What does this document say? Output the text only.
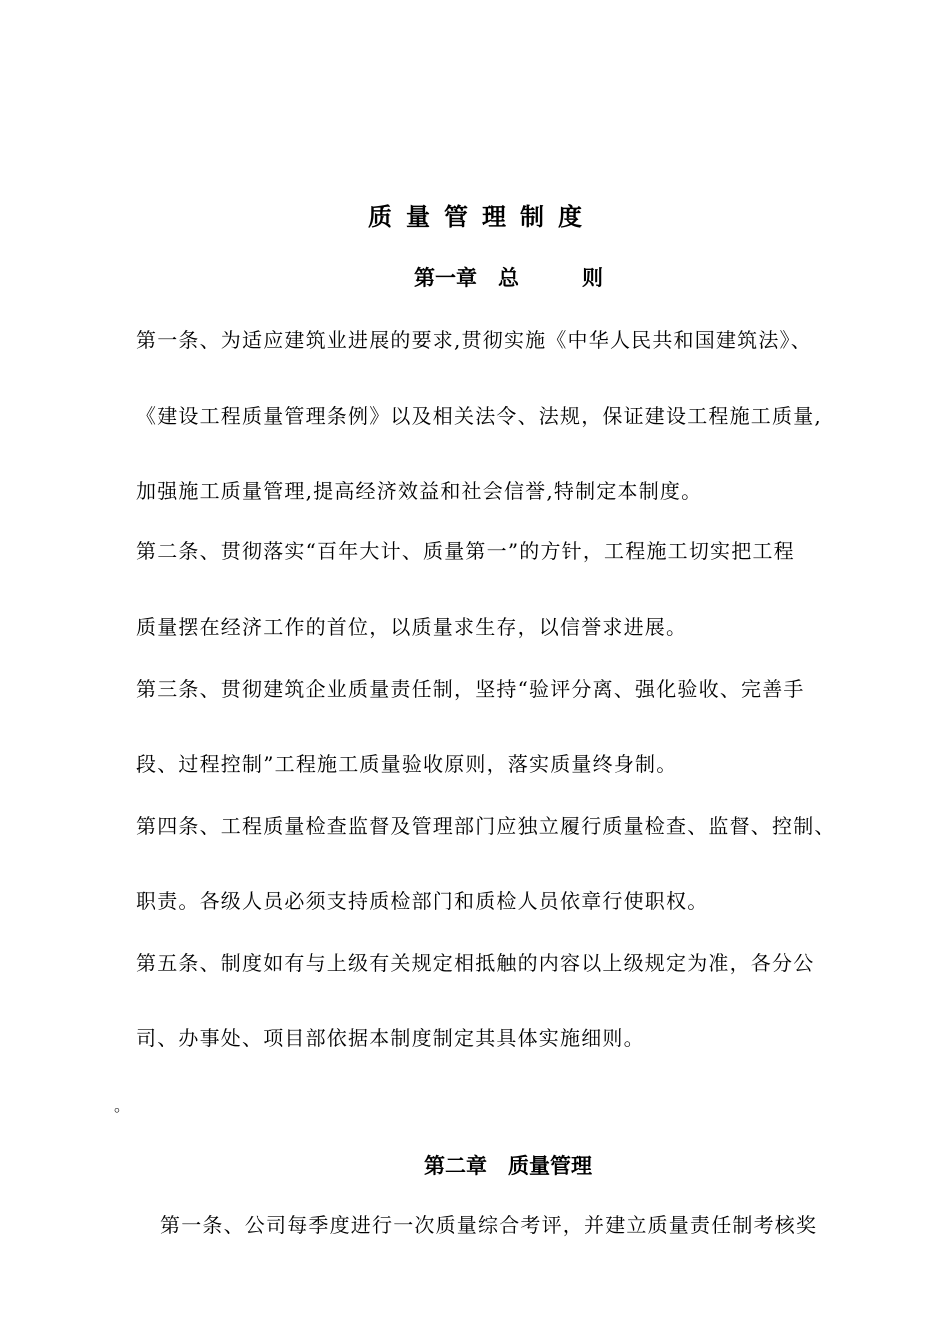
质量管理制度
第一章　总　　　则
第一条、为适应建筑业进展的要求,贯彻实施《中华人民共和国建筑法》、
《建设工程质量管理条例》以及相关法令、法规，保证建设工程施工质量,
加强施工质量管理,提高经济效益和社会信誉,特制定本制度。
第二条、贯彻落实“百年大计、质量第一”的方针，工程施工切实把工程
质量摆在经济工作的首位，以质量求生存，以信誉求进展。
第三条、贯彻建筑企业质量责任制，坚持“验评分离、强化验收、完善手
段、过程控制”工程施工质量验收原则，落实质量终身制。
第四条、工程质量检查监督及管理部门应独立履行质量检查、监督、控制、
职责。各级人员必须支持质检部门和质检人员依章行使职权。
第五条、制度如有与上级有关规定相抵触的内容以上级规定为准，各分公
司、办事处、项目部依据本制度制定其具体实施细则。
。
第二章　质量管理
第一条、公司每季度进行一次质量综合考评，并建立质量责任制考核奖
